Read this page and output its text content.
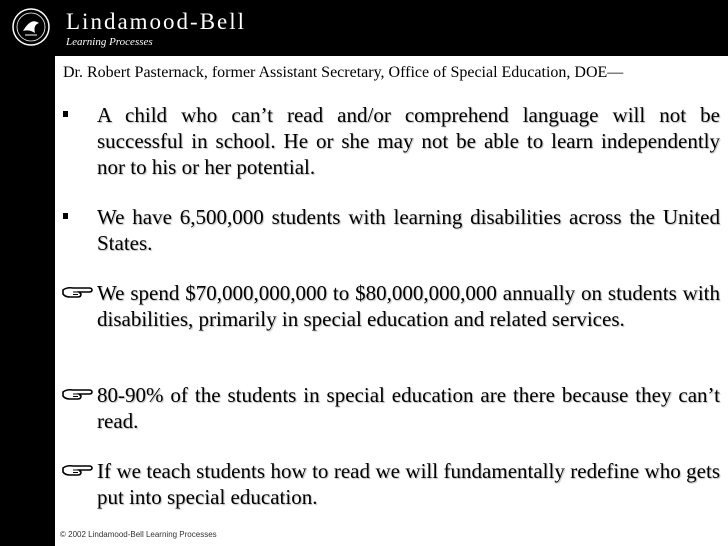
Lindamood-Bell
Learning Processes
Dr. Robert Pasternack, former Assistant Secretary, Office of Special Education, DOE—
A child who can’t read and/or comprehend language will not be successful in school. He or she may not be able to learn independently nor to his or her potential.
We have 6,500,000 students with learning disabilities across the United States.
We spend $70,000,000,000 to $80,000,000,000 annually on students with disabilities, primarily in special education and related services.
80-90% of the students in special education are there because they can’t read.
If we teach students how to read we will fundamentally redefine who gets put into special education.
© 2002 Lindamood-Bell Learning Processes
